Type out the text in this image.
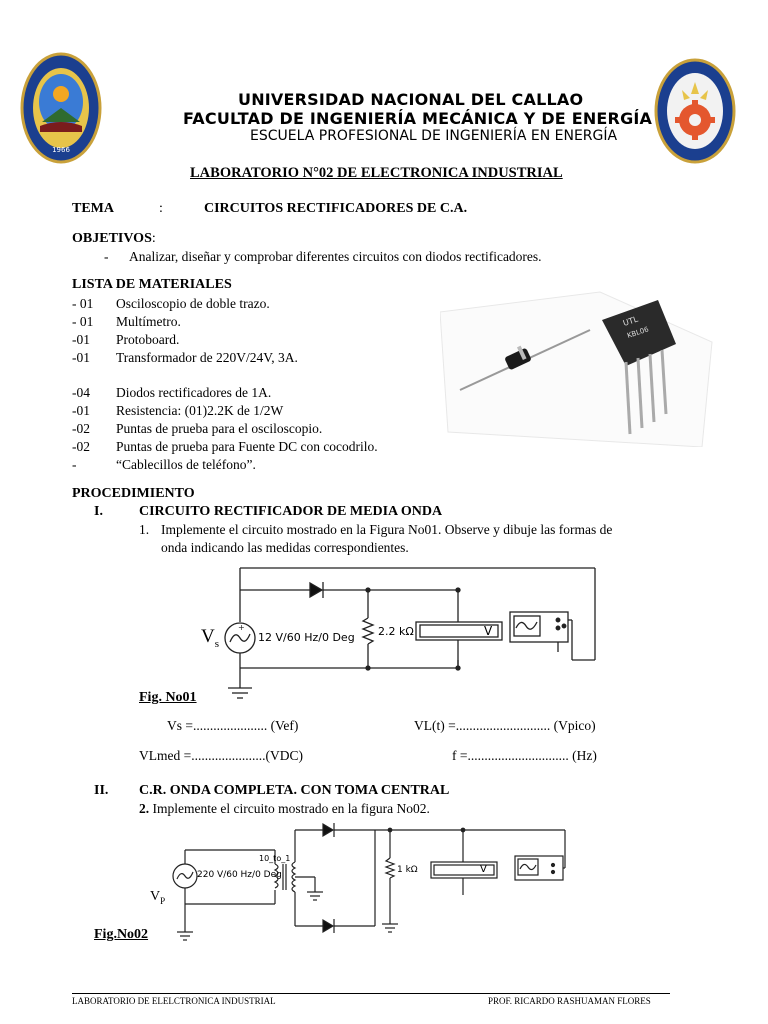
1966
UNIVERSIDAD NACIONAL DEL CALLAO
FACULTAD DE INGENIERÍA MECÁNICA Y DE ENERGÍA
ESCUELA PROFESIONAL DE INGENIERÍA EN ENERGÍA
LABORATORIO N°02 DE ELECTRONICA INDUSTRIAL
TEMA	:	CIRCUITOS RECTIFICADORES DE C.A.
OBJETIVOS:
- Analizar, diseñar y comprobar diferentes circuitos con diodos rectificadores.
LISTA DE MATERIALES
- 01 Osciloscopio de doble trazo.
- 01 Multímetro.
-01 Protoboard.
-01 Transformador de 220V/24V, 3A.
-04 Diodos rectificadores de 1A.
-01 Resistencia: (01)2.2K de 1/2W
-02 Puntas de prueba para el osciloscopio.
-02 Puntas de prueba para Fuente DC con cocodrilo.
-	“Cablecillos de teléfono”.
UTL
KBL06
PROCEDIMIENTO
I.	CIRCUITO RECTIFICADOR DE MEDIA ONDA
1. Implemente el circuito mostrado en la Figura No01. Observe y dibuje las formas de
onda indicando las medidas correspondientes.
+
$V_s$	12 V/60 Hz/0 Deg 2.2 kΩ	V
Fig. No01
Vs =...................... (Vef)	VL(t) =............................ (Vpico)
VLmed =......................(VDC)	f =.............................. (Hz)
II. C.R. ONDA COMPLETA. CON TOMA CENTRAL
2. Implemente el circuito mostrado en la figura No02.
$V_P$
220 V/60 Hz/0 Deg
10_to_1
1 kΩ	V
Fig.No02
LABORATORIO DE ELELCTRONICA INDUSTRIAL	PROF. RICARDO RASHUAMAN FLORES
